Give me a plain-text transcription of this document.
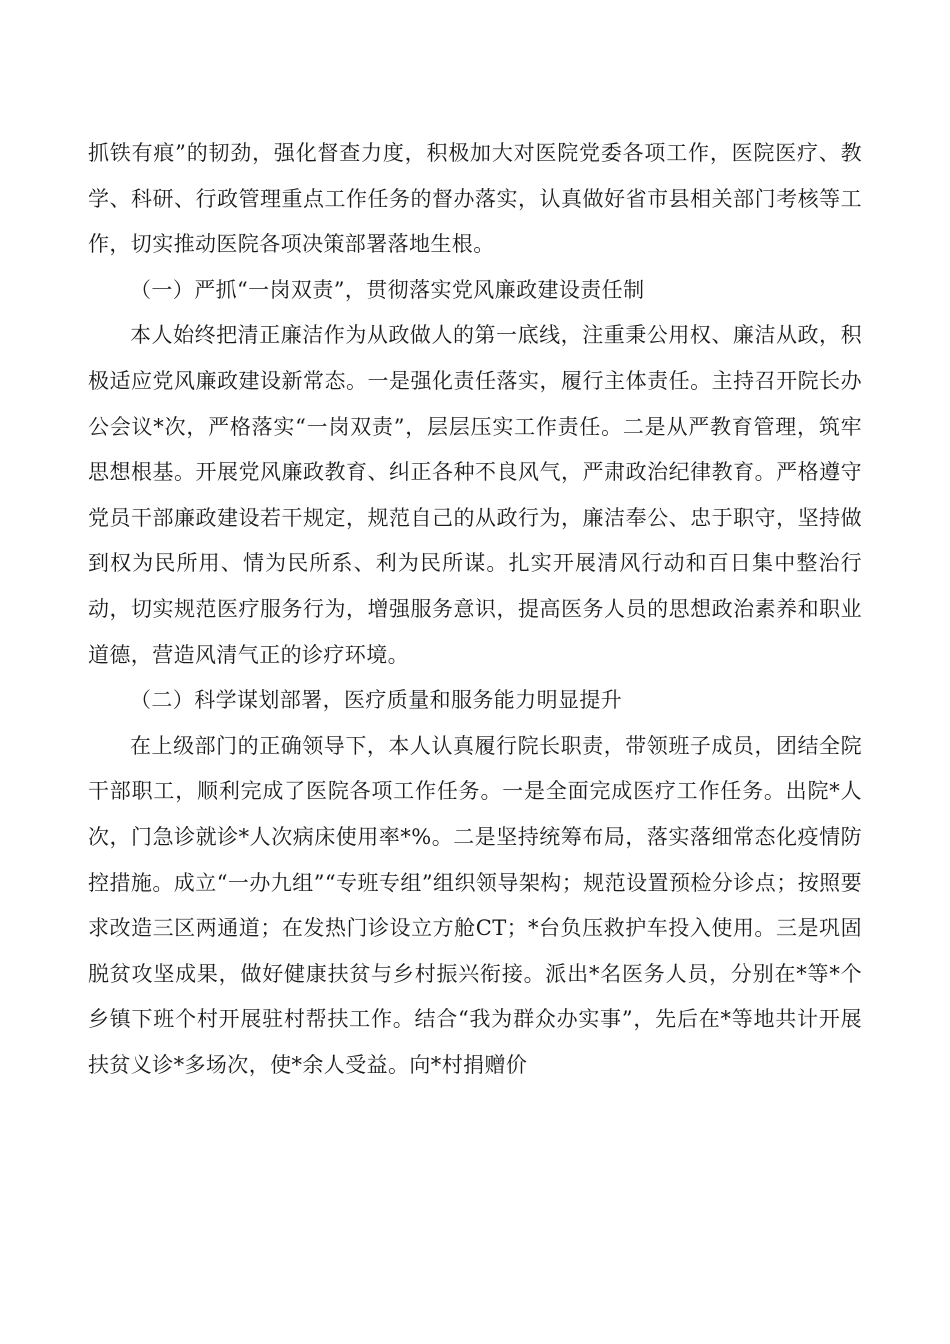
抓铁有痕”的韧劲，强化督查力度，积极加大对医院党委各项工作，医院医疗、教学、科研、行政管理重点工作任务的督办落实，认真做好省市县相关部门考核等工作，切实推动医院各项决策部署落地生根。

（一）严抓“一岗双责”，贯彻落实党风廉政建设责任制

本人始终把清正廉洁作为从政做人的第一底线，注重秉公用权、廉洁从政，积极适应党风廉政建设新常态。一是强化责任落实，履行主体责任。主持召开院长办公会议*次，严格落实“一岗双责”，层层压实工作责任。二是从严教育管理，筑牢思想根基。开展党风廉政教育、纠正各种不良风气，严肃政治纪律教育。严格遵守党员干部廉政建设若干规定，规范自己的从政行为，廉洁奉公、忠于职守，坚持做到权为民所用、情为民所系、利为民所谋。扎实开展清风行动和百日集中整治行动，切实规范医疗服务行为，增强服务意识，提高医务人员的思想政治素养和职业道德，营造风清气正的诊疗环境。

（二）科学谋划部署，医疗质量和服务能力明显提升

在上级部门的正确领导下，本人认真履行院长职责，带领班子成员，团结全院干部职工，顺利完成了医院各项工作任务。一是全面完成医疗工作任务。出院*人次，门急诊就诊*人次病床使用率*%。二是坚持统筹布局，落实落细常态化疫情防控措施。成立“一办九组”“专班专组”组织领导架构；规范设置预检分诊点；按照要求改造三区两通道；在发热门诊设立方舱CT；*台负压救护车投入使用。三是巩固脱贫攻坚成果，做好健康扶贫与乡村振兴衔接。派出*名医务人员，分别在*等*个乡镇下班个村开展驻村帮扶工作。结合“我为群众办实事”，先后在*等地共计开展扶贫义诊*多场次，使*余人受益。向*村捐赠价
